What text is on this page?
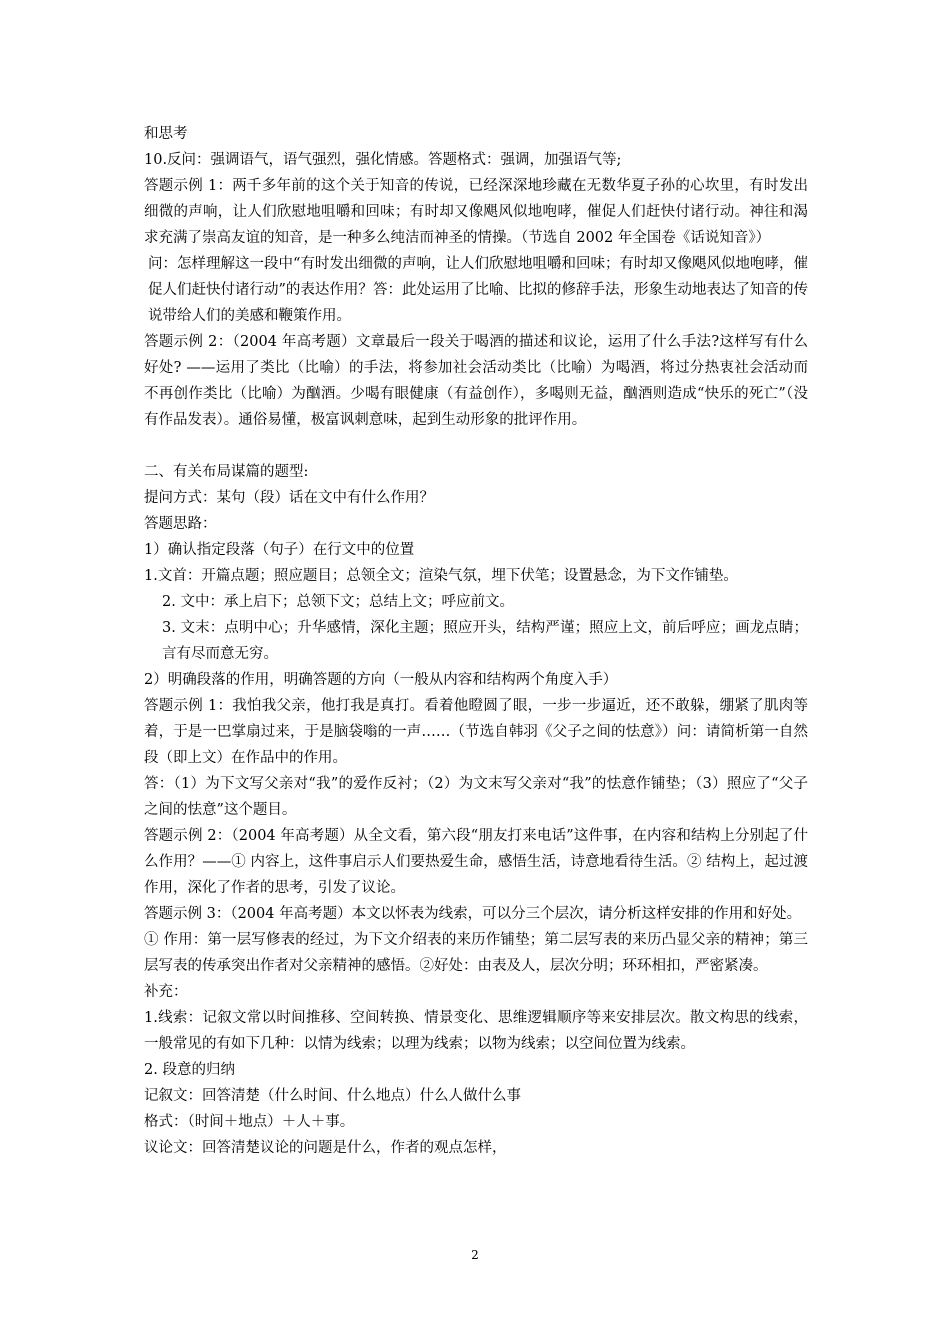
和思考
10.反问：强调语气，语气强烈，强化情感。答题格式：强调，加强语气等;
答题示例 1：两千多年前的这个关于知音的传说，已经深深地珍藏在无数华夏子孙的心坎里，有时发出细微的声响，让人们欣慰地咀嚼和回味；有时却又像飓风似地咆哮，催促人们赶快付诸行动。神往和渴求充满了崇高友谊的知音，是一种多么纯洁而神圣的情操。（节选自 2002 年全国卷《话说知音》）
问：怎样理解这一段中“有时发出细微的声响，让人们欣慰地咀嚼和回味；有时却又像飓风似地咆哮，催促人们赶快付诸行动”的表达作用？答：此处运用了比喻、比拟的修辞手法，形象生动地表达了知音的传说带给人们的美感和鞭策作用。
答题示例 2：（2004 年高考题）文章最后一段关于喝酒的描述和议论，运用了什么手法?这样写有什么好处? ——运用了类比（比喻）的手法，将参加社会活动类比（比喻）为喝酒，将过分热衷社会活动而不再创作类比（比喻）为酗酒。少喝有眼健康（有益创作），多喝则无益，酗酒则造成“快乐的死亡”（没有作品发表）。通俗易懂，极富讽刺意味，起到生动形象的批评作用。
二、有关布局谋篇的题型:
提问方式：某句（段）话在文中有什么作用？
答题思路：
1）确认指定段落（句子）在行文中的位置
1.文首：开篇点题；照应题目；总领全文；渲染气氛，埋下伏笔；设置悬念，为下文作铺垫。
2. 文中：承上启下；总领下文；总结上文；呼应前文。
3. 文末：点明中心；升华感情，深化主题；照应开头，结构严谨；照应上文，前后呼应；画龙点睛；言有尽而意无穷。
2）明确段落的作用，明确答题的方向（一般从内容和结构两个角度入手）
答题示例 1：我怕我父亲，他打我是真打。看着他瞪圆了眼，一步一步逼近，还不敢躲，绷紧了肌肉等着，于是一巴掌扇过来，于是脑袋嗡的一声……（节选自韩羽《父子之间的怯意》）问：请简析第一自然段（即上文）在作品中的作用。
答：（1）为下文写父亲对“我”的爱作反衬；（2）为文末写父亲对“我”的怯意作铺垫；（3）照应了“父子之间的怯意”这个题目。
答题示例 2：（2004 年高考题）从全文看，第六段“朋友打来电话”这件事，在内容和结构上分别起了什么作用？——① 内容上，这件事启示人们要热爱生命，感悟生活，诗意地看待生活。② 结构上，起过渡作用，深化了作者的思考，引发了议论。
答题示例 3：（2004 年高考题）本文以怀表为线索，可以分三个层次，请分析这样安排的作用和好处。
① 作用：第一层写修表的经过，为下文介绍表的来历作铺垫；第二层写表的来历凸显父亲的精神；第三层写表的传承突出作者对父亲精神的感悟。②好处：由表及人，层次分明；环环相扣，严密紧凑。
补充：
1.线索：记叙文常以时间推移、空间转换、情景变化、思维逻辑顺序等来安排层次。散文构思的线索，一般常见的有如下几种：以情为线索；以理为线索；以物为线索；以空间位置为线索。
2. 段意的归纳
记叙文：回答清楚（什么时间、什么地点）什么人做什么事
格式：（时间＋地点）＋人＋事。
议论文：回答清楚议论的问题是什么，作者的观点怎样，
2
